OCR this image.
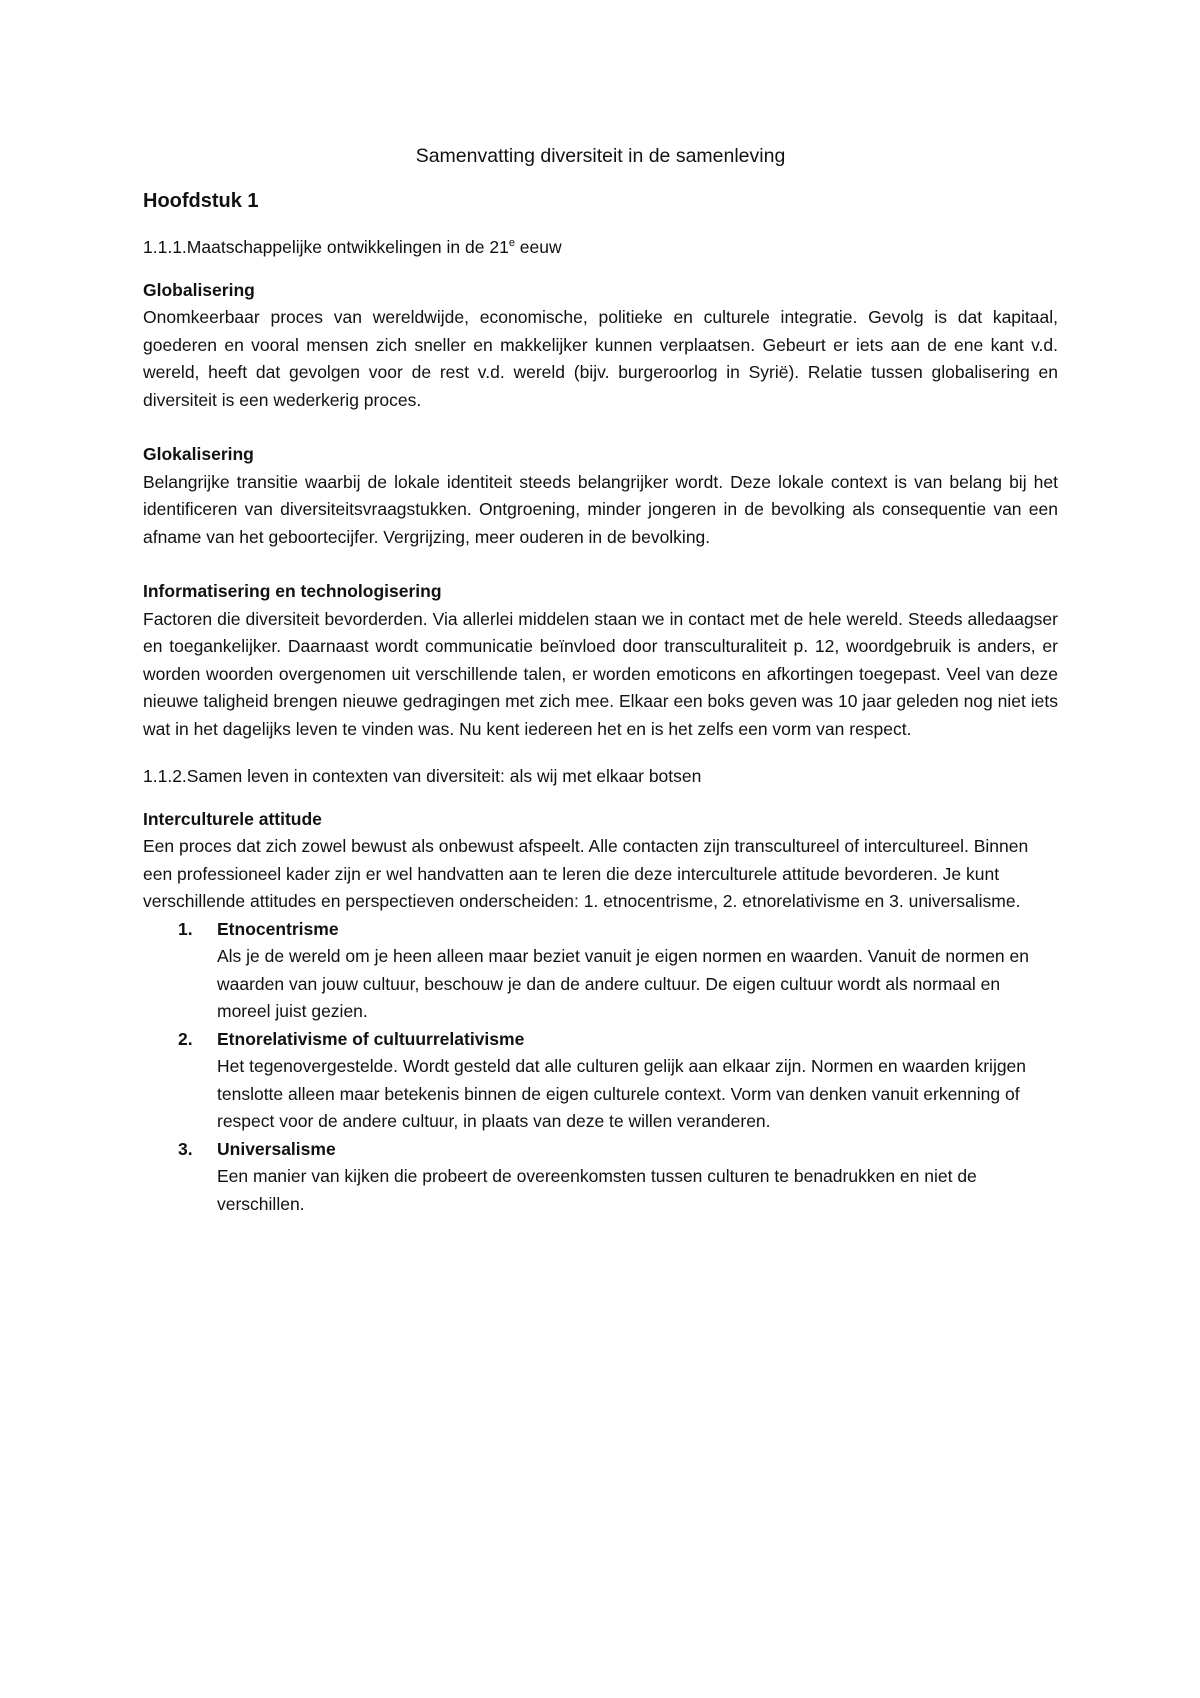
Samenvatting diversiteit in de samenleving
Hoofdstuk 1
1.1.1.Maatschappelijke ontwikkelingen in de 21e eeuw
Globalisering
Onomkeerbaar proces van wereldwijde, economische, politieke en culturele integratie. Gevolg is dat kapitaal, goederen en vooral mensen zich sneller en makkelijker kunnen verplaatsen. Gebeurt er iets aan de ene kant v.d. wereld, heeft dat gevolgen voor de rest v.d. wereld (bijv. burgeroorlog in Syrië). Relatie tussen globalisering en diversiteit is een wederkerig proces.
Glokalisering
Belangrijke transitie waarbij de lokale identiteit steeds belangrijker wordt. Deze lokale context is van belang bij het identificeren van diversiteitsvraagstukken. Ontgroening, minder jongeren in de bevolking als consequentie van een afname van het geboortecijfer. Vergrijzing, meer ouderen in de bevolking.
Informatisering en technologisering
Factoren die diversiteit bevorderden. Via allerlei middelen staan we in contact met de hele wereld. Steeds alledaagser en toegankelijker. Daarnaast wordt communicatie beïnvloed door transculturaliteit p. 12, woordgebruik is anders, er worden woorden overgenomen uit verschillende talen, er worden emoticons en afkortingen toegepast. Veel van deze nieuwe taligheid brengen nieuwe gedragingen met zich mee. Elkaar een boks geven was 10 jaar geleden nog niet iets wat in het dagelijks leven te vinden was. Nu kent iedereen het en is het zelfs een vorm van respect.
1.1.2.Samen leven in contexten van diversiteit: als wij met elkaar botsen
Interculturele attitude
Een proces dat zich zowel bewust als onbewust afspeelt. Alle contacten zijn transcultureel of intercultureel. Binnen een professioneel kader zijn er wel handvatten aan te leren die deze interculturele attitude bevorderen. Je kunt verschillende attitudes en perspectieven onderscheiden: 1. etnocentrisme, 2. etnorelativisme en 3. universalisme.
1. Etnocentrisme
Als je de wereld om je heen alleen maar beziet vanuit je eigen normen en waarden. Vanuit de normen en waarden van jouw cultuur, beschouw je dan de andere cultuur. De eigen cultuur wordt als normaal en moreel juist gezien.
2. Etnorelativisme of cultuurrelativisme
Het tegenovergestelde. Wordt gesteld dat alle culturen gelijk aan elkaar zijn. Normen en waarden krijgen tenslotte alleen maar betekenis binnen de eigen culturele context. Vorm van denken vanuit erkenning of respect voor de andere cultuur, in plaats van deze te willen veranderen.
3. Universalisme
Een manier van kijken die probeert de overeenkomsten tussen culturen te benadrukken en niet de verschillen.
